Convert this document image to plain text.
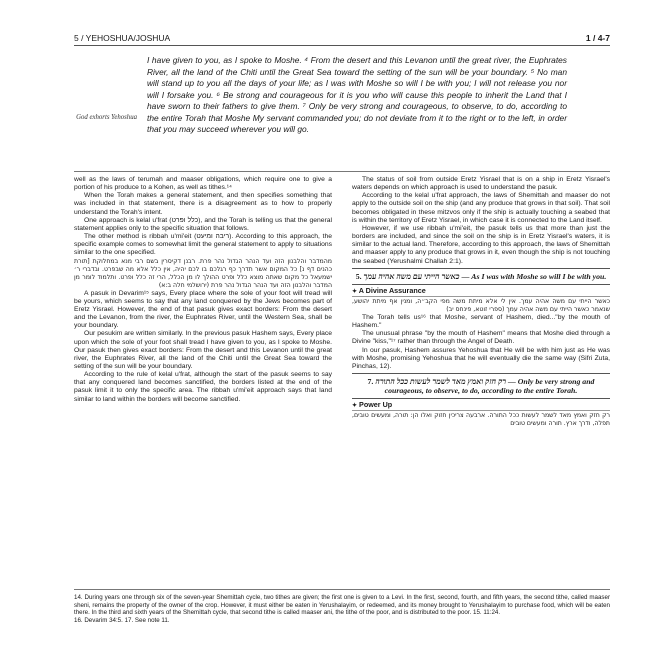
5 / YEHOSHUA/JOSHUA	1 / 4-7
God exhorts Yehoshua
I have given to you, as I spoke to Moshe. ⁴ From the desert and this Levanon until the great river, the Euphrates River, all the land of the Chiti until the Great Sea toward the setting of the sun will be your boundary. ⁵ No man will stand up to you all the days of your life; as I was with Moshe so will I be with you; I will not release you nor will I forsake you. ⁶ Be strong and courageous for it is you who will cause this people to inherit the Land that I have sworn to their fathers to give them. ⁷ Only be very strong and courageous, to observe, to do, according to the entire Torah that Moshe My servant commanded you; do not deviate from it to the right or to the left, in order that you may succeed wherever you will go.

well as the laws of terumah and maaser obligations, which require one to give a portion of his produce to a Kohen, as well as tithes.¹⁴

When the Torah makes a general statement, and then specifies something that was included in that statement, there is a disagreement as to how to properly understand the Torah's intent.

One approach is kelal u'frat (כלל ופרט), and the Torah is telling us that the general statement applies only to the specific situation that follows.

The other method is ribbah u'mi'eit (ריבה ומיעט). According to this approach, the specific example comes to somewhat limit the general statement to apply to situations similar to the one specified.

מהמדבר והלבנון הזה ועד הנהר הגדול נהר פרת. רבנן דקיסרין בשם רבי מנא במחלוקת [תורת כהנים דף נ] כל המקום אשר תדרך כף רגלכם בו לכם יהיה, אין כלל אלא מה שבפרט. ובדברי ר׳ ישמעאל כל מקום שאתה מוצא כלל ופרט ההולך לו מן הכלל, הרי זה כלל ופרט. ותלמוד לומר מן המדבר והלבנון הזה ועד הנהר הגדול נהר פרת (ירושלמי חלה ב:א)

A pasuk in Devarim¹⁵ says, Every place where the sole of your foot will tread will be yours, which seems to say that any land conquered by the Jews becomes part of Eretz Yisrael. However, the end of that pasuk gives exact borders: From the desert and the Levanon, from the river, the Euphrates River, until the Western Sea, shall be your boundary.

Our pesukim are written similarly. In the previous pasuk Hashem says, Every place upon which the sole of your foot shall tread I have given to you, as I spoke to Moshe. Our pasuk then gives exact borders: From the desert and this Levanon until the great river, the Euphrates River, all the land of the Chiti until the Great Sea toward the setting of the sun will be your boundary.

According to the rule of kelal u'frat, although the start of the pasuk seems to say that any conquered land becomes sanctified, the borders listed at the end of the pasuk limit it to only the specific area. The ribbah u'mi'eit approach says that land similar to land within the borders will become sanctified.

The status of soil from outside Eretz Yisrael that is on a ship in Eretz Yisrael's waters depends on which approach is used to understand the pasuk.

According to the kelal u'frat approach, the laws of Shemittah and maaser do not apply to the outside soil on the ship (and any produce that grows in that soil). That soil becomes obligated in these mitzvos only if the ship is actually touching a seabed that is within the territory of Eretz Yisrael, in which case it is connected to the Land itself.

However, if we use ribbah u'mi'eit, the pasuk tells us that more than just the borders are included, and since the soil on the ship is in Eretz Yisrael's waters, it is similar to the actual land. Therefore, according to this approach, the laws of Shemittah and maaser apply to any produce that grows in it, even though the ship is not touching the seabed (Yerushalmi Challah 2:1).

5. כאשר הייתי עם משה אהיה עמך — As I was with Moshe so will I be with you.
✦ A Divine Assurance

כאשר הייתי עם משה אהיה עמך. אין לי אלא מיתת משה מפי הקב״ה, ומנין אף מיתת יהושע, שנאמר כאשר הייתי עם משה אהיה עמך (ספרי זוטא, פינחס יב)

The Torah tells us¹⁶ that Moshe, servant of Hashem, died..."by the mouth of Hashem."

The unusual phrase "by the mouth of Hashem" means that Moshe died through a Divine "kiss,"¹⁷ rather than through the Angel of Death.

In our pasuk, Hashem assures Yehoshua that He will be with him just as He was with Moshe, promising Yehoshua that he will eventually die the same way (Sifri Zuta, Pinchas, 12).

7. רק חזק ואמץ מאד לשמר לעשות ככל התורה — Only be very strong and courageous, to observe, to do, according to the entire Torah.
✦ Power Up

רק חזק ואמץ מאד לשמר לעשות ככל התורה. ארבעה צריכין חזוק ואלו הן: תורה, ומעשים טובים, תפלה, ודרך ארץ. תורה ומעשים טובים

14. During years one through six of the seven-year Shemittah cycle, two tithes are given; the first one is given to a Levi. In the first, second, fourth, and fifth years, the second tithe, called maaser sheni, remains the property of the owner of the crop. However, it must either be eaten in Yerushalayim, or redeemed, and its money brought to Yerushalayim to purchase food, which will be eaten there. In the third and sixth years of the Shemittah cycle, that second tithe is called maaser ani, the tithe of the poor, and is distributed to the poor. 15. 11:24.
16. Devarim 34:5. 17. See note 11.
